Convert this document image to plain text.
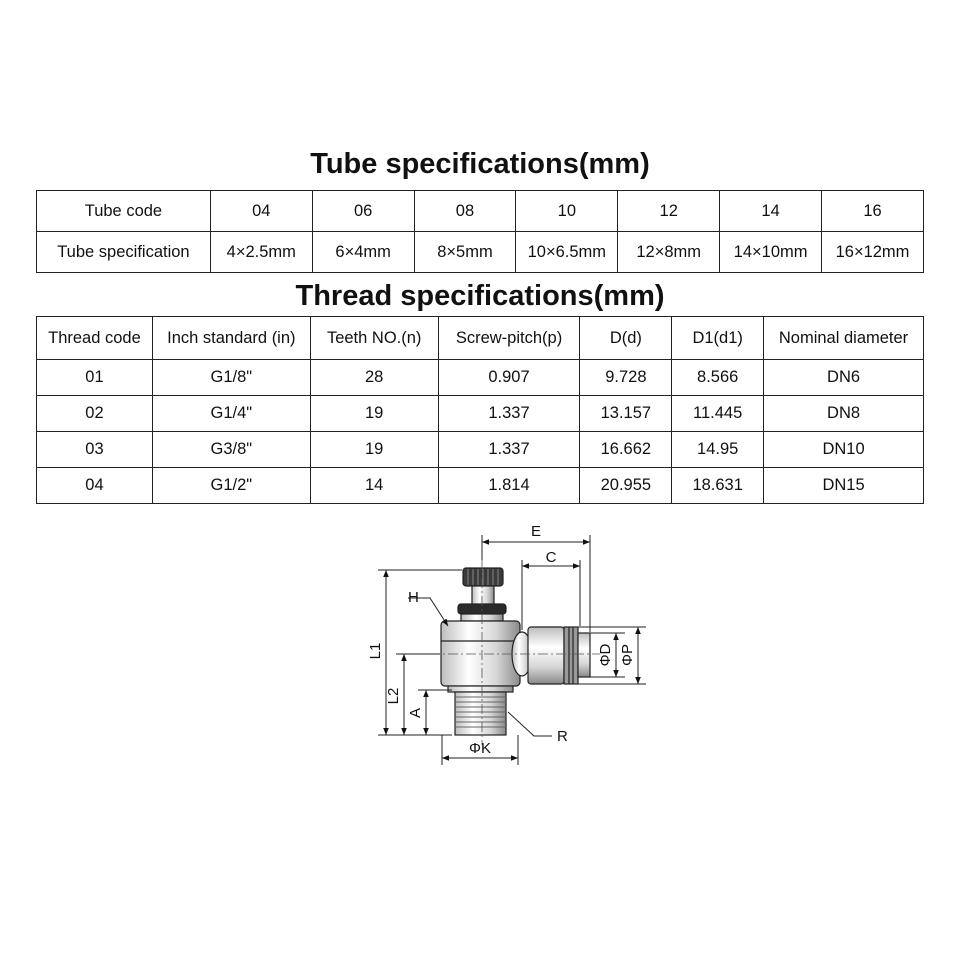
Tube specifications(mm)
Tube code	04	06	08	10	12	14	16
Tube specification	4×2.5mm	6×4mm	8×5mm	10×6.5mm	12×8mm	14×10mm	16×12mm
Thread specifications(mm)
Thread code	Inch standard (in)	Teeth NO.(n)	Screw-pitch(p)	D(d)	D1(d1)	Nominal diameter
01	G1/8"	28	0.907	9.728	8.566	DN6
02	G1/4"	19	1.337	13.157	11.445	DN8
03	G3/8"	19	1.337	16.662	14.95	DN10
04	G1/2"	14	1.814	20.955	18.631	DN15
E
C
H
L1
L2
A
ΦD ΦP
R
ΦK
